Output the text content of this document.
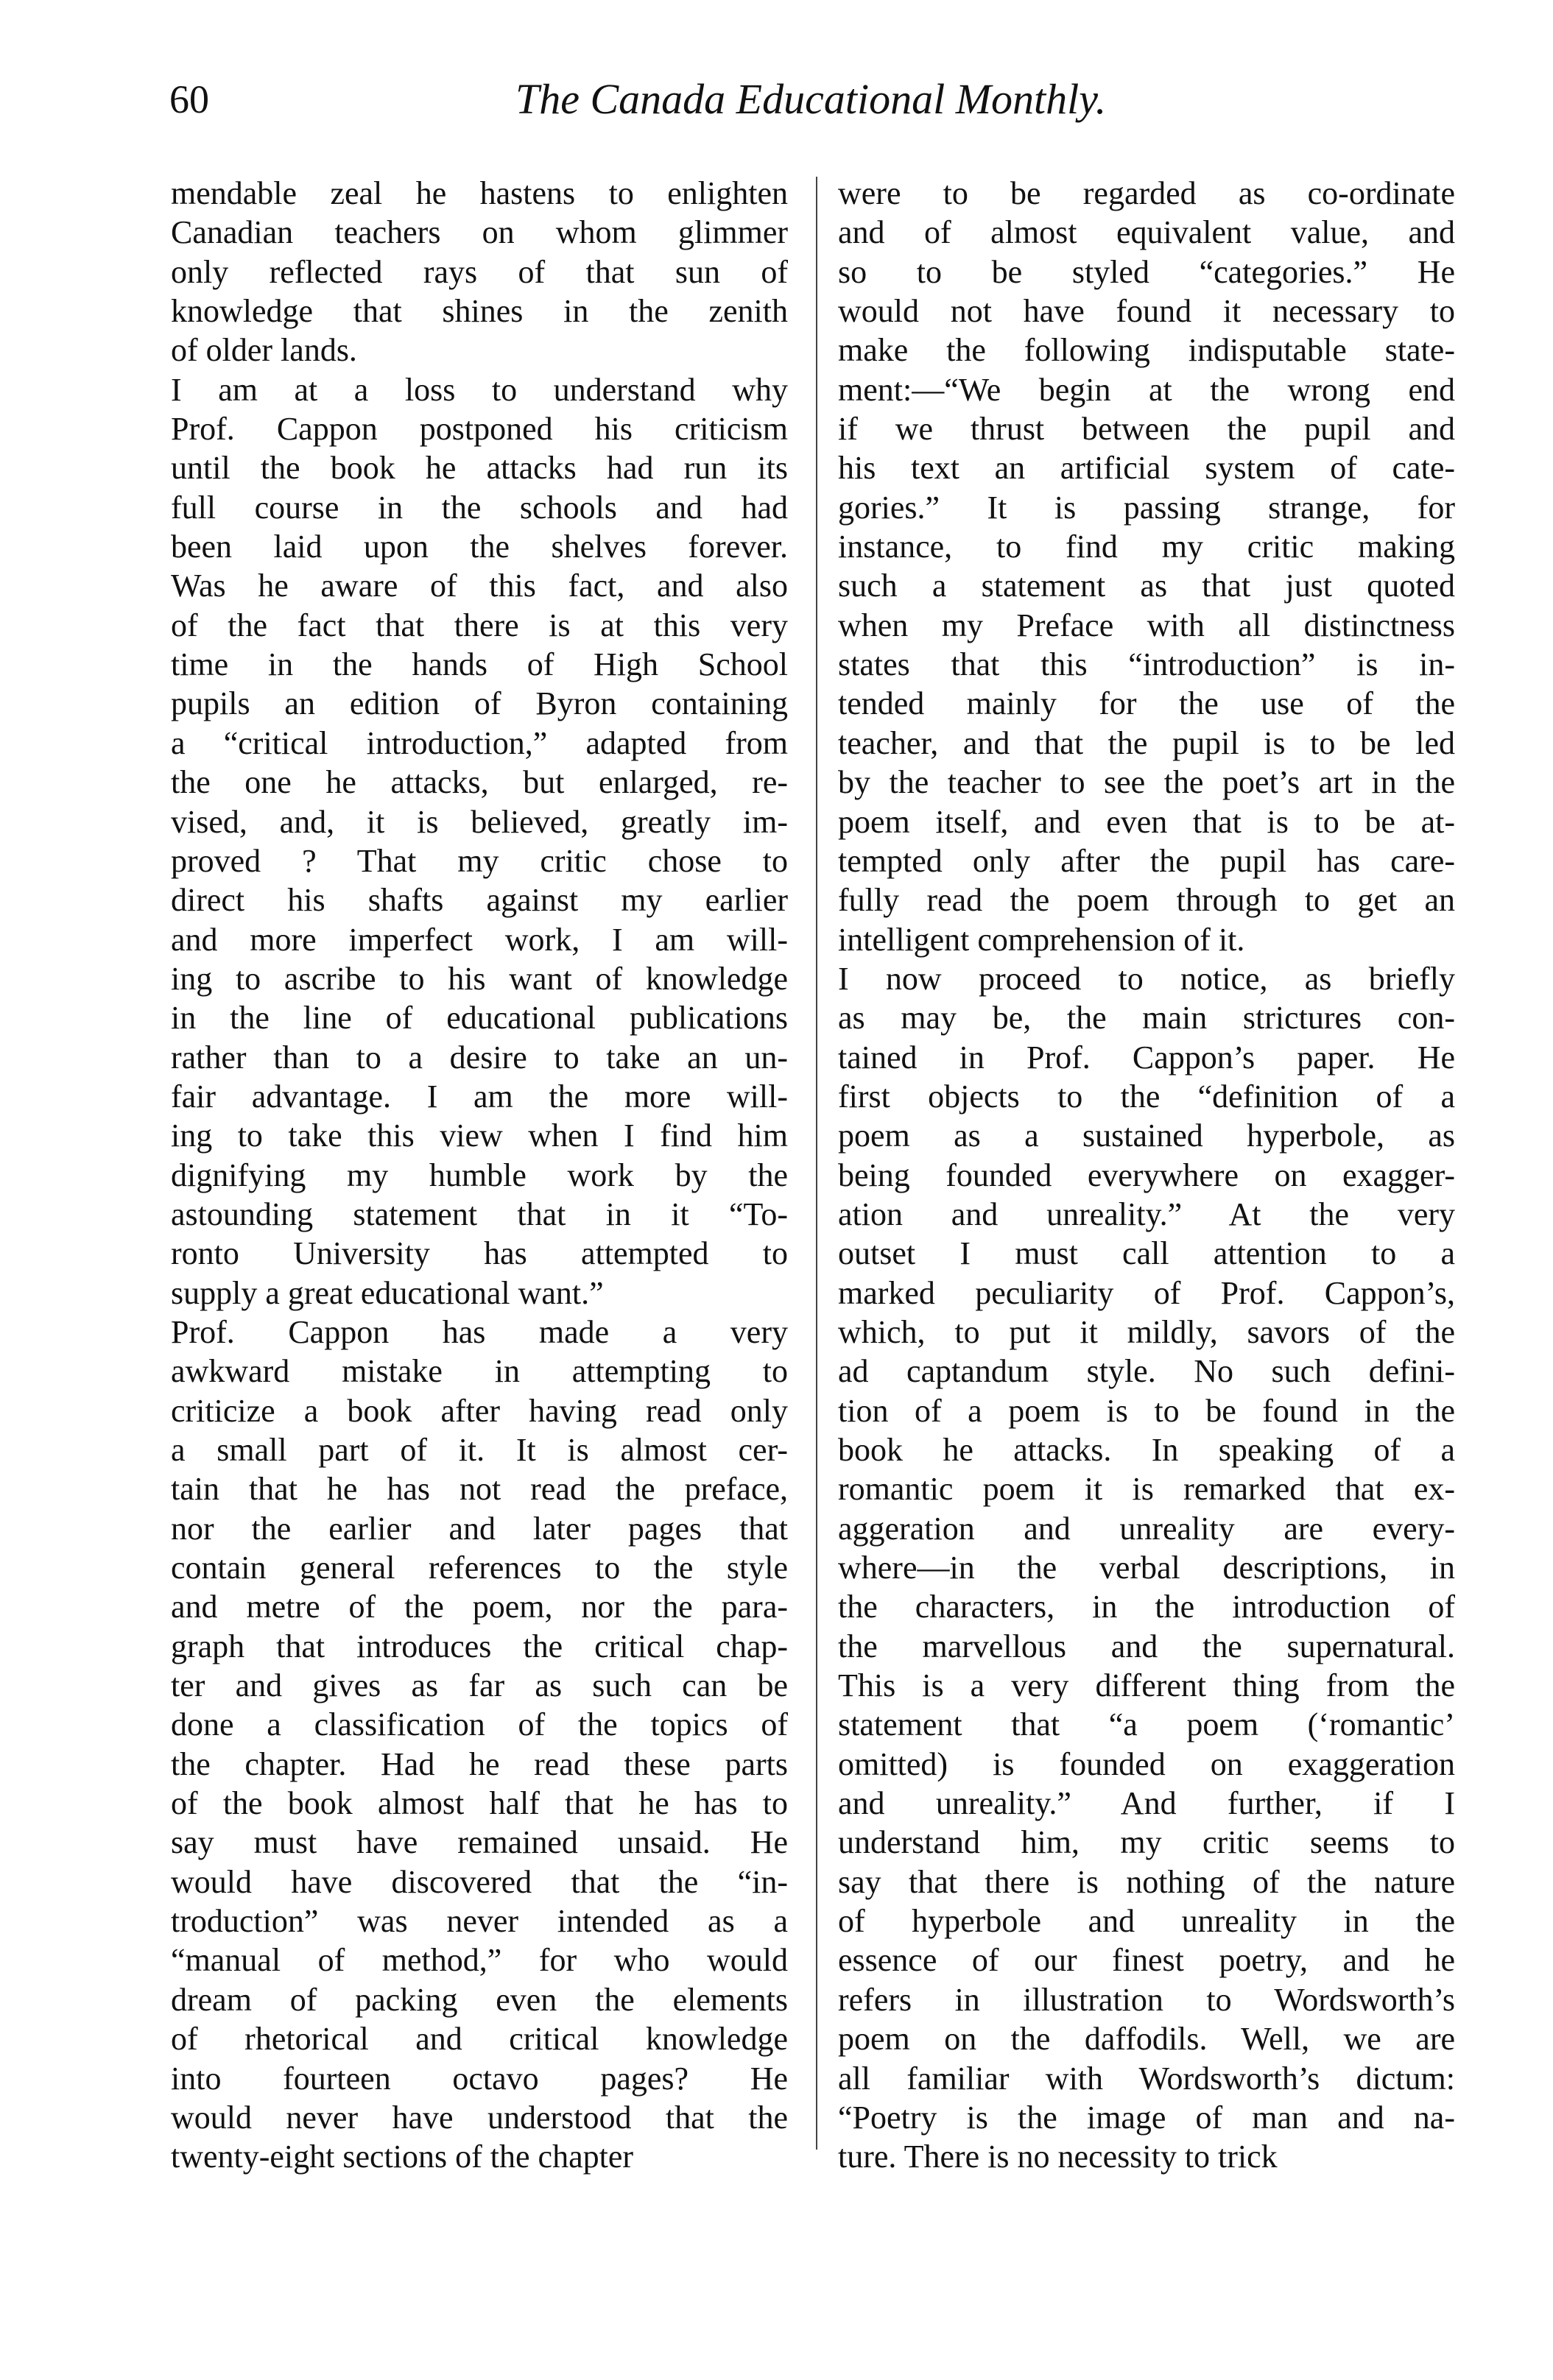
60	The Canada Educational Monthly.
mendable zeal he hastens to enlighten
Canadian teachers on whom glimmer
only reflected rays of that sun of
knowledge that shines in the zenith
of older lands.
I am at a loss to understand why
Prof. Cappon postponed his criticism
until the book he attacks had run its
full course in the schools and had
been laid upon the shelves forever.
Was he aware of this fact, and also
of the fact that there is at this very
time in the hands of High School
pupils an edition of Byron containing
a “critical introduction,” adapted from
the one he attacks, but enlarged, re-
vised, and, it is believed, greatly im-
proved ? That my critic chose to
direct his shafts against my earlier
and more imperfect work, I am will-
ing to ascribe to his want of knowledge
in the line of educational publications
rather than to a desire to take an un-
fair advantage. I am the more will-
ing to take this view when I find him
dignifying my humble work by the
astounding statement that in it “To-
ronto University has attempted to
supply a great educational want.”
Prof. Cappon has made a very
awkward mistake in attempting to
criticize a book after having read only
a small part of it. It is almost cer-
tain that he has not read the preface,
nor the earlier and later pages that
contain general references to the style
and metre of the poem, nor the para-
graph that introduces the critical chap-
ter and gives as far as such can be
done a classification of the topics of
the chapter. Had he read these parts
of the book almost half that he has to
say must have remained unsaid. He
would have discovered that the “in-
troduction” was never intended as a
“manual of method,” for who would
dream of packing even the elements
of rhetorical and critical knowledge
into fourteen octavo pages? He
would never have understood that the
twenty-eight sections of the chapter
were to be regarded as co-ordinate
and of almost equivalent value, and
so to be styled “categories.” He
would not have found it necessary to
make the following indisputable state-
ment:—“We begin at the wrong end
if we thrust between the pupil and
his text an artificial system of cate-
gories.” It is passing strange, for
instance, to find my critic making
such a statement as that just quoted
when my Preface with all distinctness
states that this “introduction” is in-
tended mainly for the use of the
teacher, and that the pupil is to be led
by the teacher to see the poet’s art in the
poem itself, and even that is to be at-
tempted only after the pupil has care-
fully read the poem through to get an
intelligent comprehension of it.
I now proceed to notice, as briefly
as may be, the main strictures con-
tained in Prof. Cappon’s paper. He
first objects to the “definition of a
poem as a sustained hyperbole, as
being founded everywhere on exagger-
ation and unreality.” At the very
outset I must call attention to a
marked peculiarity of Prof. Cappon’s,
which, to put it mildly, savors of the
ad captandum style. No such defini-
tion of a poem is to be found in the
book he attacks. In speaking of a
romantic poem it is remarked that ex-
aggeration and unreality are every-
where—in the verbal descriptions, in
the characters, in the introduction of
the marvellous and the supernatural.
This is a very different thing from the
statement that “a poem (‘romantic’
omitted) is founded on exaggeration
and unreality.” And further, if I
understand him, my critic seems to
say that there is nothing of the nature
of hyperbole and unreality in the
essence of our finest poetry, and he
refers in illustration to Wordsworth’s
poem on the daffodils. Well, we are
all familiar with Wordsworth’s dictum:
“Poetry is the image of man and na-
ture. There is no necessity to trick
